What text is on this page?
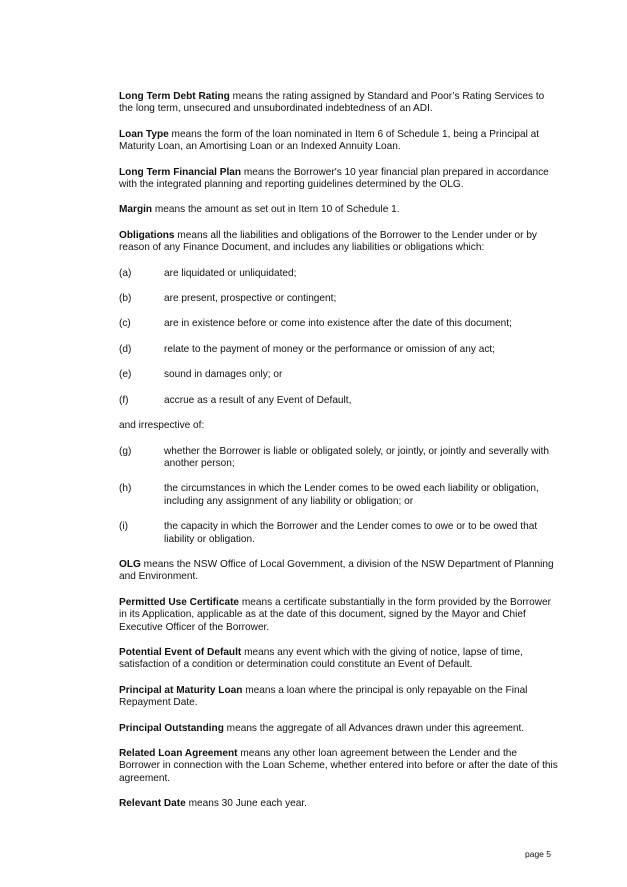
Long Term Debt Rating means the rating assigned by Standard and Poor’s Rating Services to the long term, unsecured and unsubordinated indebtedness of an ADI.

Loan Type means the form of the loan nominated in Item 6 of Schedule 1, being a Principal at Maturity Loan, an Amortising Loan or an Indexed Annuity Loan.

Long Term Financial Plan means the Borrower's 10 year financial plan prepared in accordance with the integrated planning and reporting guidelines determined by the OLG.

Margin means the amount as set out in Item 10 of Schedule 1.

Obligations means all the liabilities and obligations of the Borrower to the Lender under or by reason of any Finance Document, and includes any liabilities or obligations which:

(a)	are liquidated or unliquidated;
(b)	are present, prospective or contingent;
(c)	are in existence before or come into existence after the date of this document;
(d)	relate to the payment of money or the performance or omission of any act;
(e)	sound in damages only; or
(f)	accrue as a result of any Event of Default,

and irrespective of:

(g)	whether the Borrower is liable or obligated solely, or jointly, or jointly and severally with another person;
(h)	the circumstances in which the Lender comes to be owed each liability or obligation, including any assignment of any liability or obligation; or
(i)	the capacity in which the Borrower and the Lender comes to owe or to be owed that liability or obligation.

OLG means the NSW Office of Local Government, a division of the NSW Department of Planning and Environment.

Permitted Use Certificate means a certificate substantially in the form provided by the Borrower in its Application, applicable as at the date of this document, signed by the Mayor and Chief Executive Officer of the Borrower.

Potential Event of Default means any event which with the giving of notice, lapse of time, satisfaction of a condition or determination could constitute an Event of Default.

Principal at Maturity Loan means a loan where the principal is only repayable on the Final Repayment Date.

Principal Outstanding means the aggregate of all Advances drawn under this agreement.

Related Loan Agreement means any other loan agreement between the Lender and the Borrower in connection with the Loan Scheme, whether entered into before or after the date of this agreement.

Relevant Date means 30 June each year.

page 5
